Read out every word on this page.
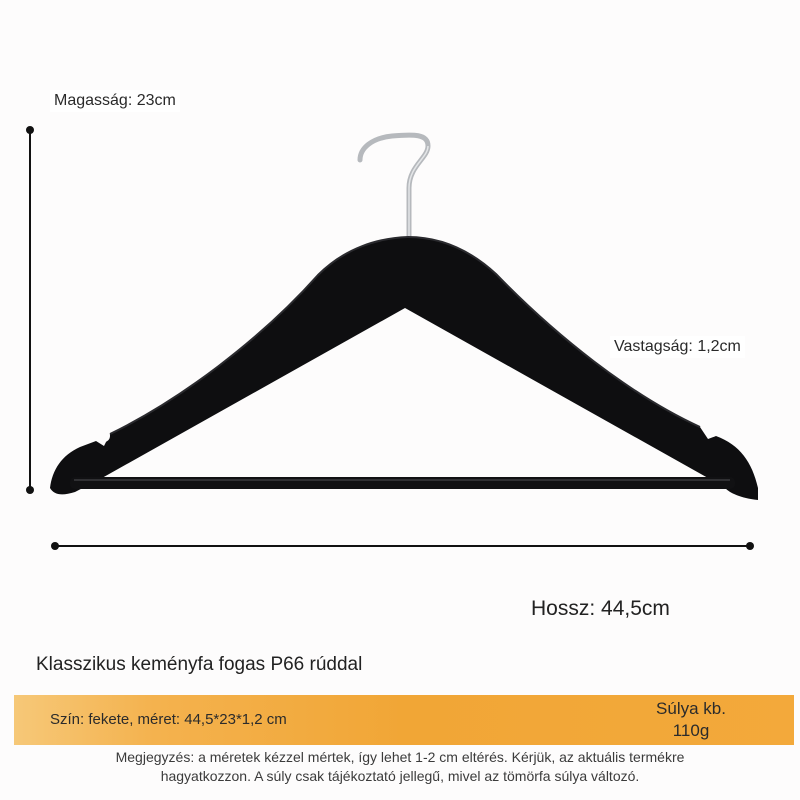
Magasság: 23cm
Vastagság: 1,2cm
Hossz: 44,5cm
Klasszikus keményfa fogas P66 rúddal
Szín: fekete, méret: 44,5*23*1,2 cm
Súlya kb.
110g
Megjegyzés: a méretek kézzel mértek, így lehet 1-2 cm eltérés. Kérjük, az aktuális termékre
hagyatkozzon. A súly csak tájékoztató jellegű, mivel az tömörfa súlya változó.
